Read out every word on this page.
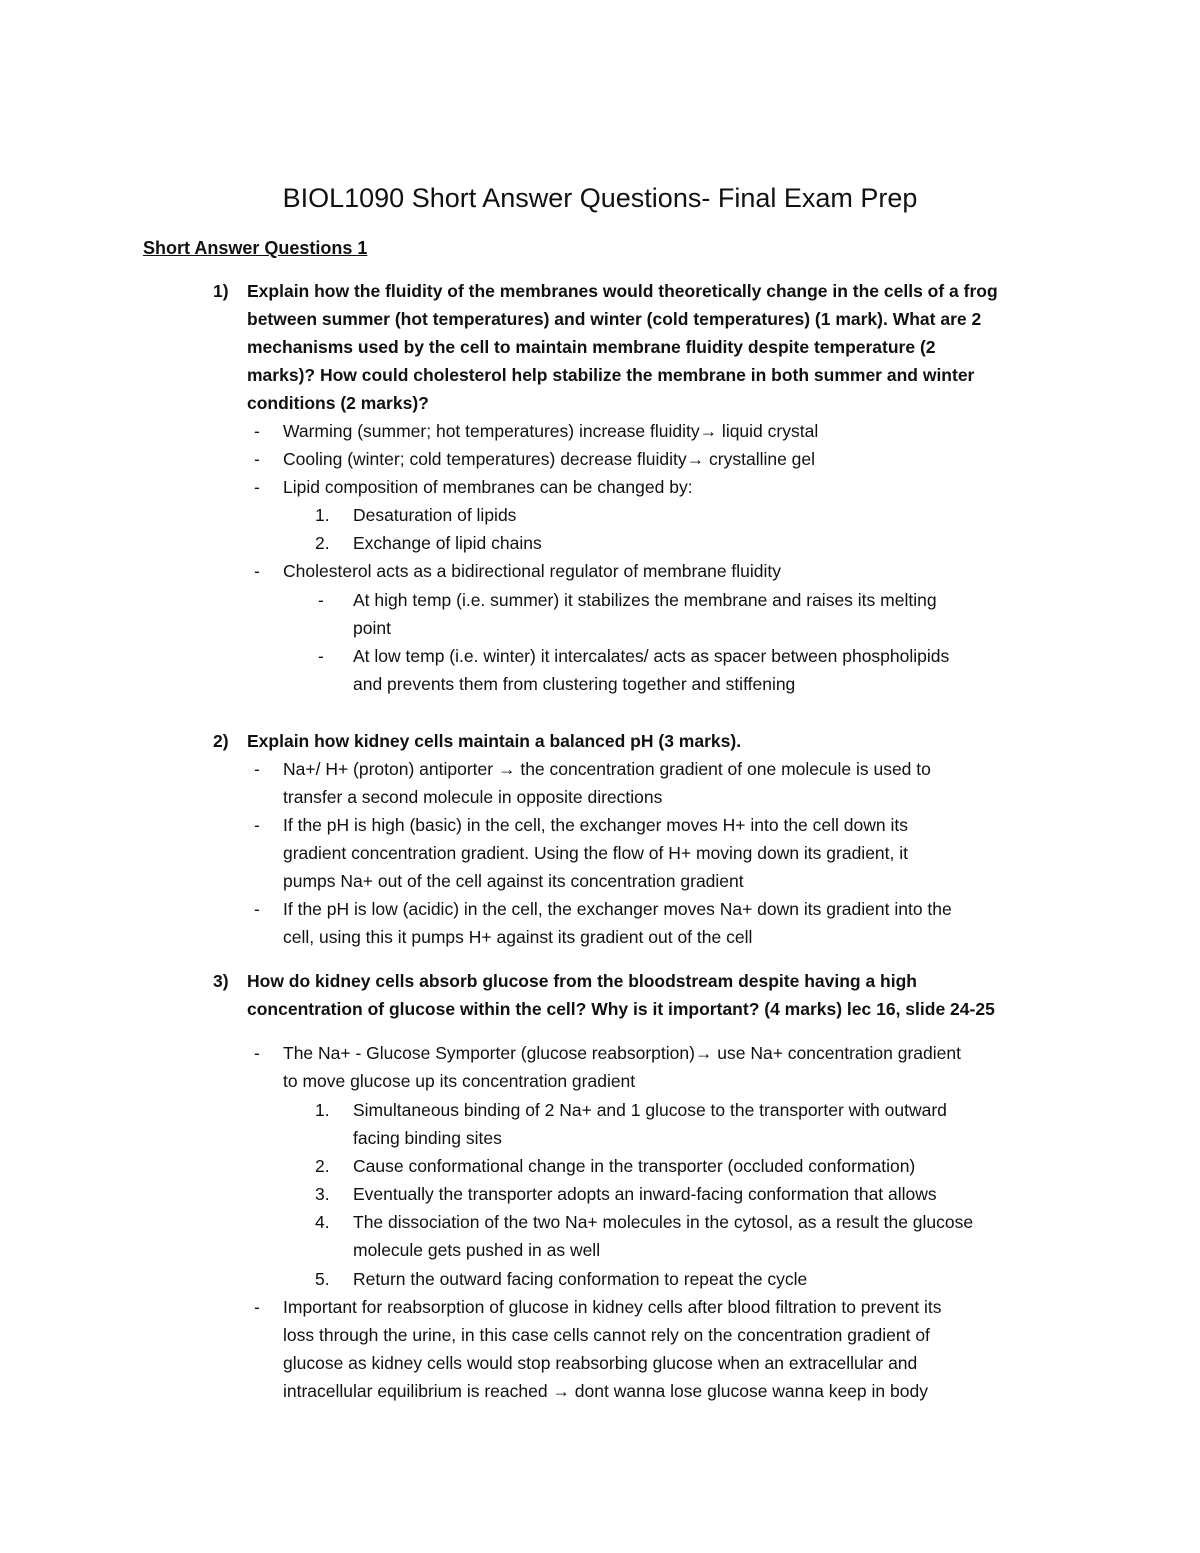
BIOL1090 Short Answer Questions- Final Exam Prep
Short Answer Questions 1
1) Explain how the fluidity of the membranes would theoretically change in the cells of a frog
between summer (hot temperatures) and winter (cold temperatures) (1 mark). What are 2
mechanisms used by the cell to maintain membrane fluidity despite temperature (2
marks)? How could cholesterol help stabilize the membrane in both summer and winter
conditions (2 marks)?
- Warming (summer; hot temperatures) increase fluidity→ liquid crystal
- Cooling (winter; cold temperatures) decrease fluidity→ crystalline gel
- Lipid composition of membranes can be changed by:
1. Desaturation of lipids
2. Exchange of lipid chains
- Cholesterol acts as a bidirectional regulator of membrane fluidity
- At high temp (i.e. summer) it stabilizes the membrane and raises its melting
point
- At low temp (i.e. winter) it intercalates/ acts as spacer between phospholipids
and prevents them from clustering together and stiffening
2) Explain how kidney cells maintain a balanced pH (3 marks).
- Na+/ H+ (proton) antiporter → the concentration gradient of one molecule is used to
transfer a second molecule in opposite directions
- If the pH is high (basic) in the cell, the exchanger moves H+ into the cell down its
gradient concentration gradient. Using the flow of H+ moving down its gradient, it
pumps Na+ out of the cell against its concentration gradient
- If the pH is low (acidic) in the cell, the exchanger moves Na+ down its gradient into the
cell, using this it pumps H+ against its gradient out of the cell
3) How do kidney cells absorb glucose from the bloodstream despite having a high
concentration of glucose within the cell? Why is it important? (4 marks) lec 16, slide 24-25
- The Na+ - Glucose Symporter (glucose reabsorption)→ use Na+ concentration gradient
to move glucose up its concentration gradient
1. Simultaneous binding of 2 Na+ and 1 glucose to the transporter with outward
facing binding sites
2. Cause conformational change in the transporter (occluded conformation)
3. Eventually the transporter adopts an inward-facing conformation that allows
4. The dissociation of the two Na+ molecules in the cytosol, as a result the glucose
molecule gets pushed in as well
5. Return the outward facing conformation to repeat the cycle
- Important for reabsorption of glucose in kidney cells after blood filtration to prevent its
loss through the urine, in this case cells cannot rely on the concentration gradient of
glucose as kidney cells would stop reabsorbing glucose when an extracellular and
intracellular equilibrium is reached → dont wanna lose glucose wanna keep in body
